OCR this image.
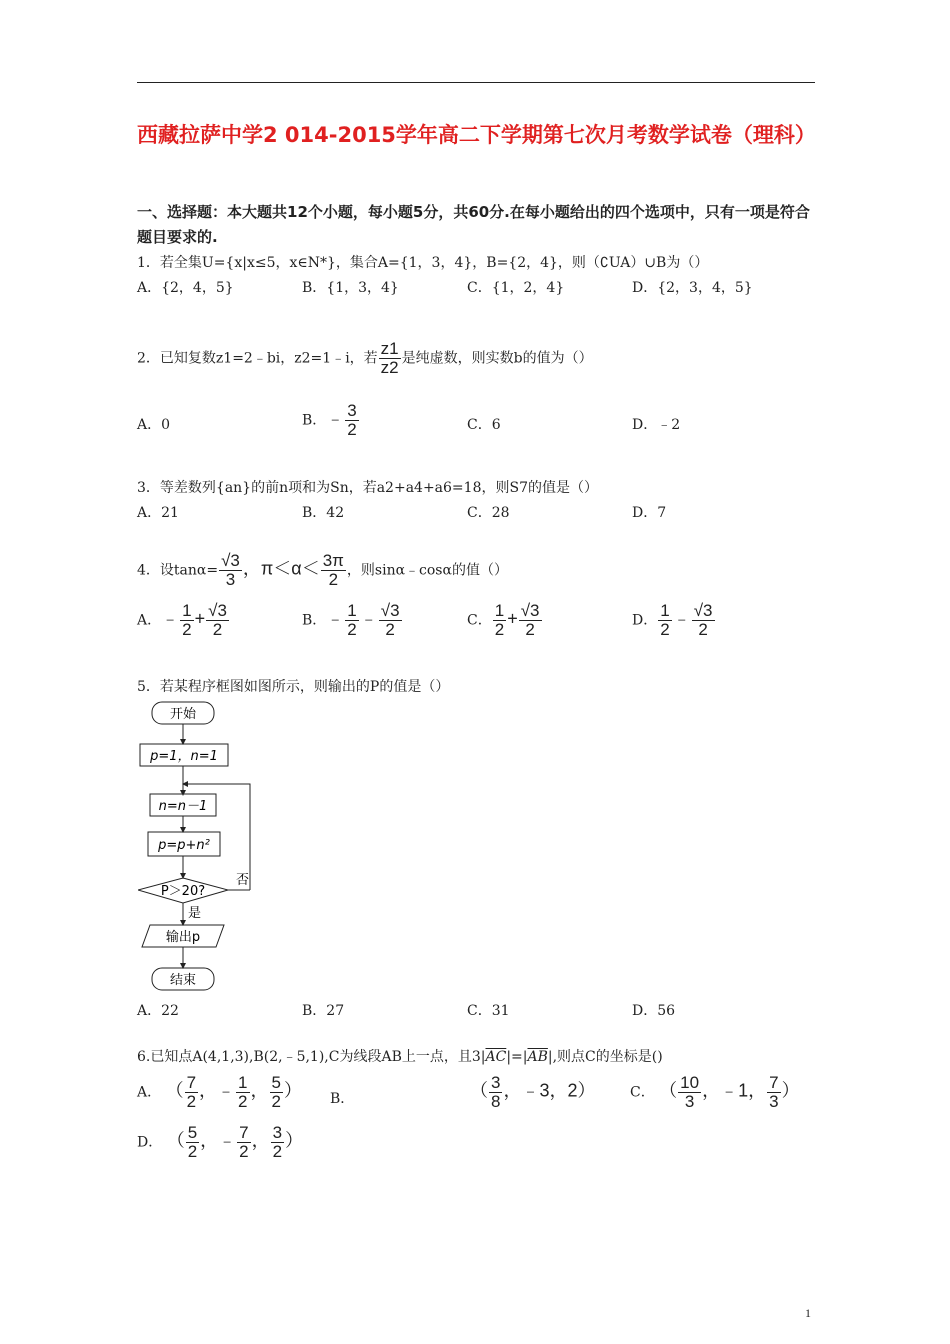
西藏拉萨中学2 014-2015学年高二下学期第七次月考数学试卷（理科）
一、选择题：本大题共12个小题，每小题5分，共60分.在每小题给出的四个选项中，只有一项是符合题目要求的.
1．若全集U={x|x≤5，x∈N*}，集合A={1，3，4}，B={2，4}，则（∁UA）∪B为（）
A．{2，4，5}	B．{1，3，4}	C．{1，2，4}	D．{2，3，4，5}
2．已知复数z1=2﹣bi，z2=1﹣i，若 $\frac{z1}{z2}$ 是纯虚数，则实数b的值为（）
A．0	B．﹣ $\frac{3}{2}$	C．6	D．﹣2
3．等差数列{an}的前n项和为Sn，若a2+a4+a6=18，则S7的值是（）
A．21	B．42	C．28	D．7
4．设$\tan\alpha= \frac{√3}{3}$ ，$\pi<\alpha< \frac{3\pi}{2}$ ，则sinα﹣cosα的值（）
A．﹣ $\frac{1}{2} + \frac{√3}{2}$	B．﹣ $\frac{1}{2}$ ﹣ $\frac{√3}{2}$	C． $\frac{1}{2} + \frac{√3}{2}$	D． $\frac{1}{2}$ ﹣ $\frac{√3}{2}$
5．若某程序框图如图所示，则输出的P的值是（）
开始
p=1，n=1
n=n－1
p=p+n²
P＞20?
否
是
输出p
结束
A．22	B．27	C．31	D．56
6.已知点A(4,1,3),B(2,﹣5,1),C为线段AB上一点，且$3|\overline{AC}|=|\overline{AB}|$,则点C的坐标是()
A． （ $\frac{7}{2}$ ，﹣ $\frac{1}{2}$ ， $\frac{5}{2}$ ） B．	（ $\frac{3}{8}$ ，﹣3，2） C． （ $\frac{10}{3}$ ，﹣1， $\frac{7}{3}$ ）
D． （ $\frac{5}{2}$ ，﹣ $\frac{7}{2}$ ， $\frac{3}{2}$ ）
1
